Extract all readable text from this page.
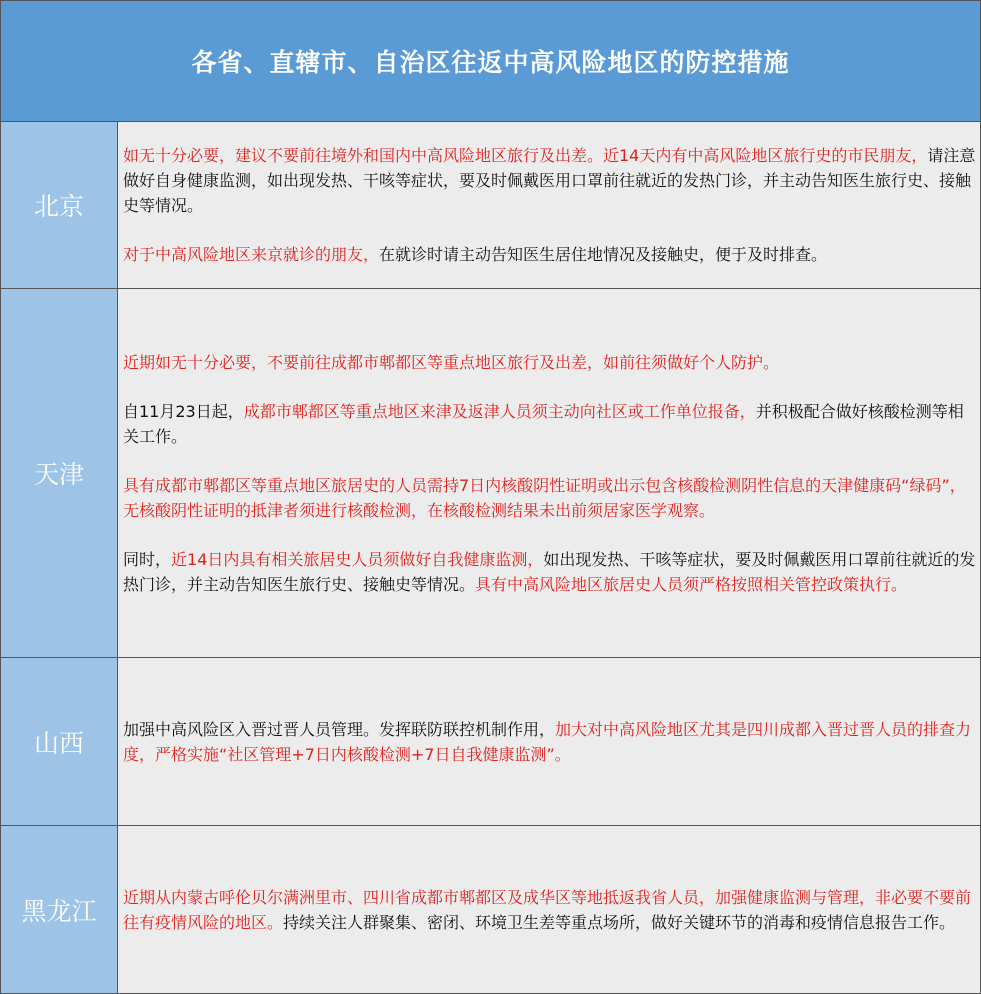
各省、直辖市、自治区往返中高风险地区的防控措施
北京

如无十分必要，建议不要前往境外和国内中高风险地区旅行及出差。近14天内有中高风险地区旅行史的市民朋友，请注意做好自身健康监测，如出现发热、干咳等症状，要及时佩戴医用口罩前往就近的发热门诊，并主动告知医生旅行史、接触史等情况。

对于中高风险地区来京就诊的朋友，在就诊时请主动告知医生居住地情况及接触史，便于及时排查。

天津

近期如无十分必要，不要前往成都市郫都区等重点地区旅行及出差，如前往须做好个人防护。

自11月23日起，成都市郫都区等重点地区来津及返津人员须主动向社区或工作单位报备，并积极配合做好核酸检测等相关工作。

具有成都市郫都区等重点地区旅居史的人员需持7日内核酸阴性证明或出示包含核酸检测阴性信息的天津健康码“绿码”，无核酸阴性证明的抵津者须进行核酸检测，在核酸检测结果未出前须居家医学观察。

同时，近14日内具有相关旅居史人员须做好自我健康监测，如出现发热、干咳等症状，要及时佩戴医用口罩前往就近的发热门诊，并主动告知医生旅行史、接触史等情况。具有中高风险地区旅居史人员须严格按照相关管控政策执行。

山西	加强中高风险区入晋过晋人员管理。发挥联防联控机制作用，加大对中高风险地区尤其是四川成都入晋过晋人员的排查力度，严格实施“社区管理+7日内核酸检测+7日自我健康监测”。

黑龙江	近期从内蒙古呼伦贝尔满洲里市、四川省成都市郫都区及成华区等地抵返我省人员，加强健康监测与管理，非必要不要前往有疫情风险的地区。持续关注人群聚集、密闭、环境卫生差等重点场所，做好关键环节的消毒和疫情信息报告工作。
